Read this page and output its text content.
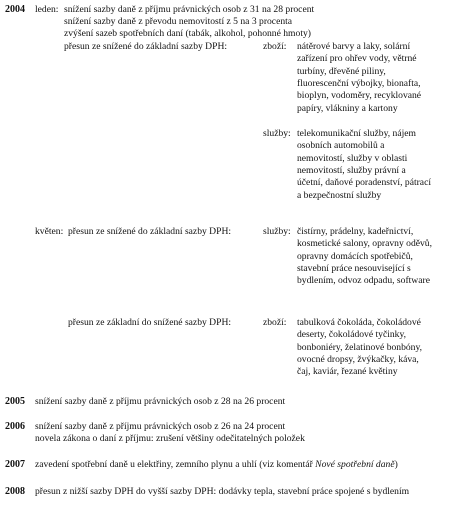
2004 leden: snížení sazby daně z příjmu právnických osob z 31 na 28 procent
snížení sazby daně z převodu nemovitostí z 5 na 3 procenta
zvýšení sazeb spotřebních daní (tabák, alkohol, pohonné hmoty)
přesun ze snížené do základní sazby DPH:	zboží: nátěrové barvy a laky, solární
zařízení pro ohřev vody, větrné
turbíny, dřevěné piliny,
fluorescenční výbojky, bionafta,
bioplyn, vodoměry, recyklované
papíry, vlákniny a kartony
služby: telekomunikační služby, nájem
osobních automobilů a
nemovitostí, služby v oblasti
nemovitostí, služby právní a
účetní, daňové poradenství, pátrací
a bezpečnostní služby
květen: přesun ze snížené do základní sazby DPH:	služby: čistírny, prádelny, kadeřnictví,
kosmetické salony, opravny oděvů,
opravny domácích spotřebičů,
stavební práce nesouvisející s
bydlením, odvoz odpadu, software
přesun ze základní do snížené sazby DPH:	zboží: tabulková čokoláda, čokoládové
deserty, čokoládové tyčinky,
bonboniéry, želatinové bonbóny,
ovocné dropsy, žvýkačky, káva,
čaj, kaviár, řezané květiny
2005 snížení sazby daně z příjmu právnických osob z 28 na 26 procent
2006 snížení sazby daně z příjmu právnických osob z 26 na 24 procent
novela zákona o daní z příjmu: zrušení většiny odečitatelných položek
2007 zavedení spotřební daně u elektřiny, zemního plynu a uhlí (viz komentář Nové spotřební daně)
2008 přesun z nižší sazby DPH do vyšší sazby DPH: dodávky tepla, stavební práce spojené s bydlením
